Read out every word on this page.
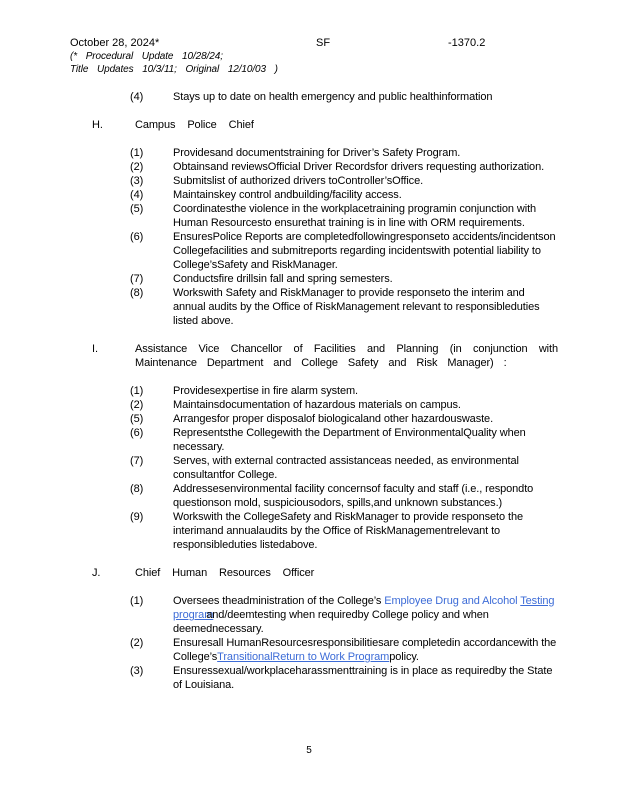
October 28, 2024*	SF	-1370.2
(* Procedural Update 10/28/24;
Title Updates 10/3/11; Original 12/10/03 )
(4)	Stays up to date on health emergency and public healthinformation
H.	Campus Police Chief
(1)	Providesand documentstraining for Driver’s Safety Program.
(2)	Obtainsand reviewsOfficial Driver Recordsfor drivers requesting authorization.
(3)	Submitslist of authorized drivers toController’sOffice.
(4)	Maintainskey control andbuilding/facility access.
(5)	Coordinatesthe violence in the workplacetraining programin conjunction with Human Resourcesto ensurethat training is in line with ORM requirements.
(6)	EnsuresPolice Reports are completedfollowingresponseto accidents/incidentson Collegefacilities and submitreports regarding incidentswith potential liability to College’sSafety and RiskManager.
(7)	Conductsfire drillsin fall and spring semesters.
(8)	Workswith Safety and RiskManager to provide responseto the interim and annual audits by the Office of RiskManagement relevant to responsibleduties listed above.
I.	Assistance Vice Chancellor of Facilities and Planning (in conjunction with Maintenance Department and College Safety and Risk Manager) :
(1)	Providesexpertise in fire alarm system.
(2)	Maintainsdocumentation of hazardous materials on campus.
(5)	Arrangesfor proper disposalof biologicaland other hazardouswaste.
(6)	Representsthe Collegewith the Department of EnvironmentalQuality when necessary.
(7)	Serves, with external contracted assistanceas needed, as environmental consultantfor College.
(8)	Addressesenvironmental facility concernsof faculty and staff (i.e., respondto questionson mold, suspiciousodors, spills,and unknown substances.)
(9)	Workswith the CollegeSafety and RiskManager to provide responseto the interimand annualaudits by the Office of RiskManagementrelevant to responsibleduties listedabove.
J.	Chief Human Resources Officer
(1)	Oversees theadministration of the College’s Employee Drug and Alcohol Testing programand/deemtesting when requiredby College policy and when deemednecessary.
(2)	Ensuresall HumanResourcesresponsibilitiesare completedin accordancewith the College’sTransitionalReturn to Work Programpolicy.
(3)	Ensuressexual/workplaceharassmenttraining is in place as requiredby the State of Louisiana.
5
